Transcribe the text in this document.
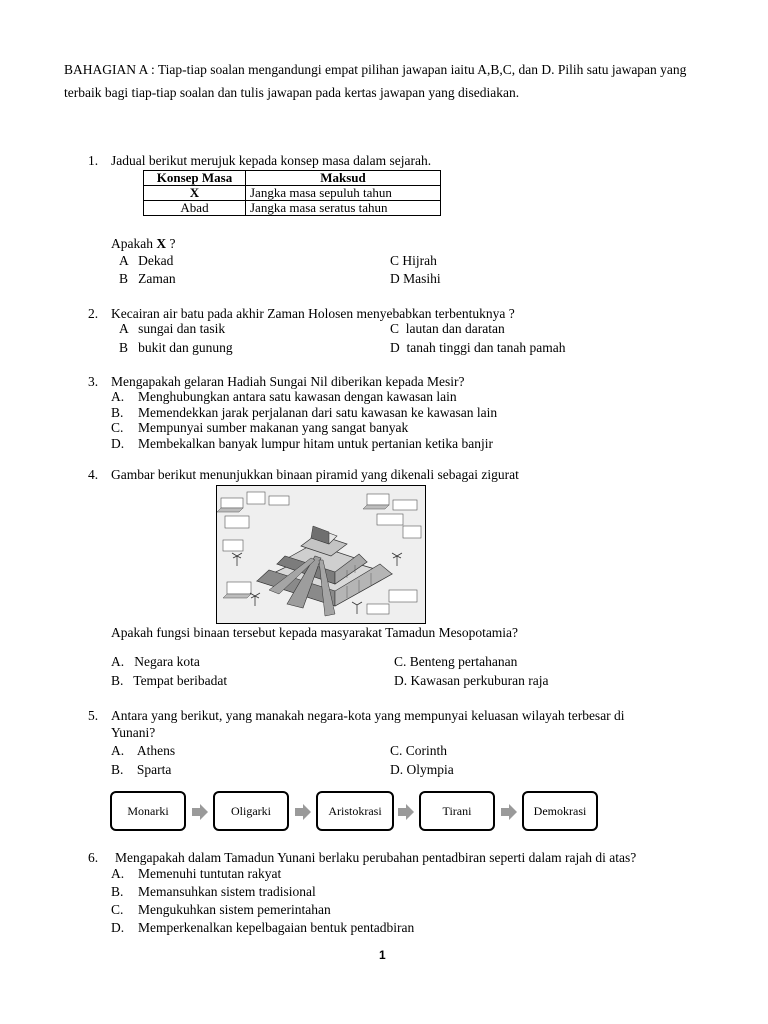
BAHAGIAN A : Tiap-tiap soalan mengandungi empat pilihan jawapan iaitu A,B,C, dan D. Pilih satu jawapan yang terbaik bagi tiap-tiap soalan dan tulis jawapan pada kertas jawapan yang disediakan.
1. Jadual berikut merujuk kepada konsep masa dalam sejarah.
Konsep Masa	Maksud
X	Jangka masa sepuluh tahun
Abad	Jangka masa seratus tahun
Apakah X ?
A   Dekad
B   Zaman
C Hijrah
D Masihi
2. Kecairan air batu pada akhir Zaman Holosen menyebabkan terbentuknya ?
A   sungai dan tasik
B   bukit dan gunung
C  lautan dan daratan
D  tanah tinggi dan tanah pamah
3. Mengapakah gelaran Hadiah Sungai Nil diberikan kepada Mesir?
A. Menghubungkan antara satu kawasan dengan kawasan lain
B. Memendekkan jarak perjalanan dari satu kawasan ke kawasan lain
C. Mempunyai sumber makanan yang sangat banyak
D. Membekalkan banyak lumpur hitam untuk pertanian ketika banjir
4. Gambar berikut menunjukkan binaan piramid yang dikenali sebagai zigurat
Apakah fungsi binaan tersebut kepada masyarakat Tamadun Mesopotamia?
A.   Negara kota
B.   Tempat beribadat
C. Benteng pertahanan
D. Kawasan perkuburan raja
5. Antara yang berikut, yang manakah negara-kota yang mempunyai keluasan wilayah terbesar di
Yunani?
A.    Athens
B.    Sparta
C. Corinth
D. Olympia
Monarki	Oligarki	Aristokrasi	Tirani	Demokrasi
6. Mengapakah dalam Tamadun Yunani berlaku perubahan pentadbiran seperti dalam rajah di atas?
A. Memenuhi tuntutan rakyat
B. Memansuhkan sistem tradisional
C. Mengukuhkan sistem pemerintahan
D. Memperkenalkan kepelbagaian bentuk pentadbiran
1
